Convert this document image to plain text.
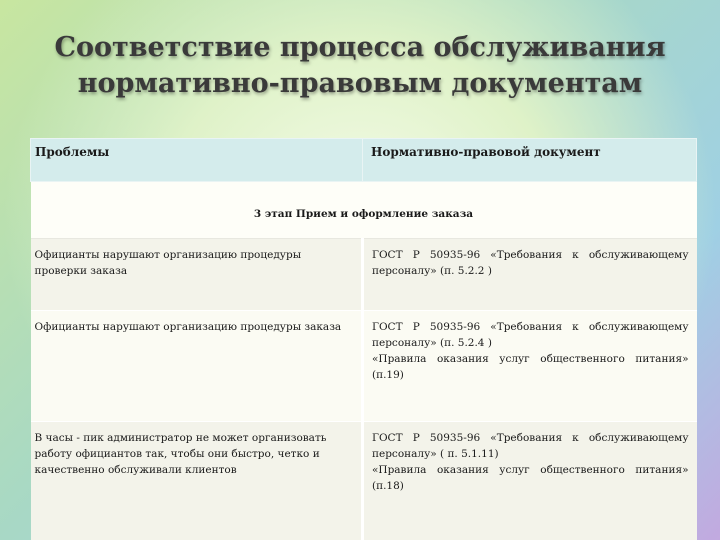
Соответствие процесса обслуживания
нормативно-правовым документам
Проблемы	Нормативно-правовой документ
3 этап Прием и оформление заказа	
Официанты нарушают организацию процедуры проверки заказа	ГОСТ Р 50935-96 «Требования к обслуживающему персоналу» (п. 5.2.2 )

Официанты нарушают организацию процедуры заказа	ГОСТ Р 50935-96 «Требования к обслуживающему персоналу» (п. 5.2.4 )
«Правила оказания услуг общественного питания» (п.19)

В часы - пик администратор не может организовать работу официантов так, чтобы они быстро, четко и качественно обслуживали клиентов	ГОСТ Р 50935-96 «Требования к обслуживающему персоналу» ( п. 5.1.11)
«Правила оказания услуг общественного питания» (п.18)
